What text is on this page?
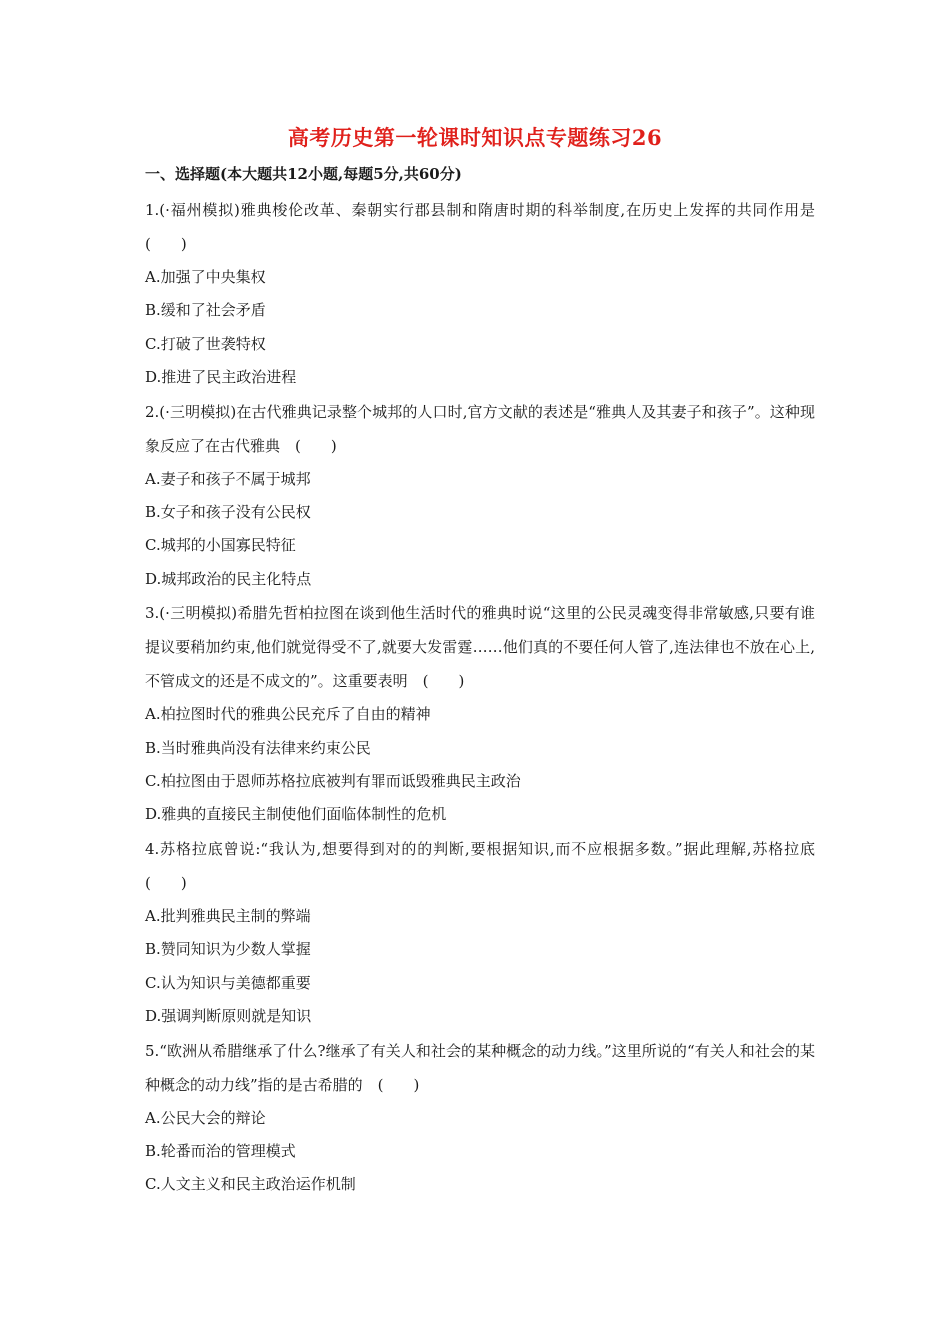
高考历史第一轮课时知识点专题练习26
一、选择题(本大题共12小题,每题5分,共60分)
1.(·福州模拟)雅典梭伦改革、秦朝实行郡县制和隋唐时期的科举制度,在历史上发挥的共同作用是　(　　)
A.加强了中央集权
B.缓和了社会矛盾
C.打破了世袭特权
D.推进了民主政治进程
2.(·三明模拟)在古代雅典记录整个城邦的人口时,官方文献的表述是“雅典人及其妻子和孩子”。这种现象反应了在古代雅典　(　　)
A.妻子和孩子不属于城邦
B.女子和孩子没有公民权
C.城邦的小国寡民特征
D.城邦政治的民主化特点
3.(·三明模拟)希腊先哲柏拉图在谈到他生活时代的雅典时说“这里的公民灵魂变得非常敏感,只要有谁提议要稍加约束,他们就觉得受不了,就要大发雷霆……他们真的不要任何人管了,连法律也不放在心上,不管成文的还是不成文的”。这重要表明　(　　)
A.柏拉图时代的雅典公民充斥了自由的精神
B.当时雅典尚没有法律来约束公民
C.柏拉图由于恩师苏格拉底被判有罪而诋毁雅典民主政治
D.雅典的直接民主制使他们面临体制性的危机
4.苏格拉底曾说:“我认为,想要得到对的的判断,要根据知识,而不应根据多数。”据此理解,苏格拉底　(　　)
A.批判雅典民主制的弊端
B.赞同知识为少数人掌握
C.认为知识与美德都重要
D.强调判断原则就是知识
5.“欧洲从希腊继承了什么?继承了有关人和社会的某种概念的动力线。”这里所说的“有关人和社会的某种概念的动力线”指的是古希腊的　(　　)
A.公民大会的辩论
B.轮番而治的管理模式
C.人文主义和民主政治运作机制
